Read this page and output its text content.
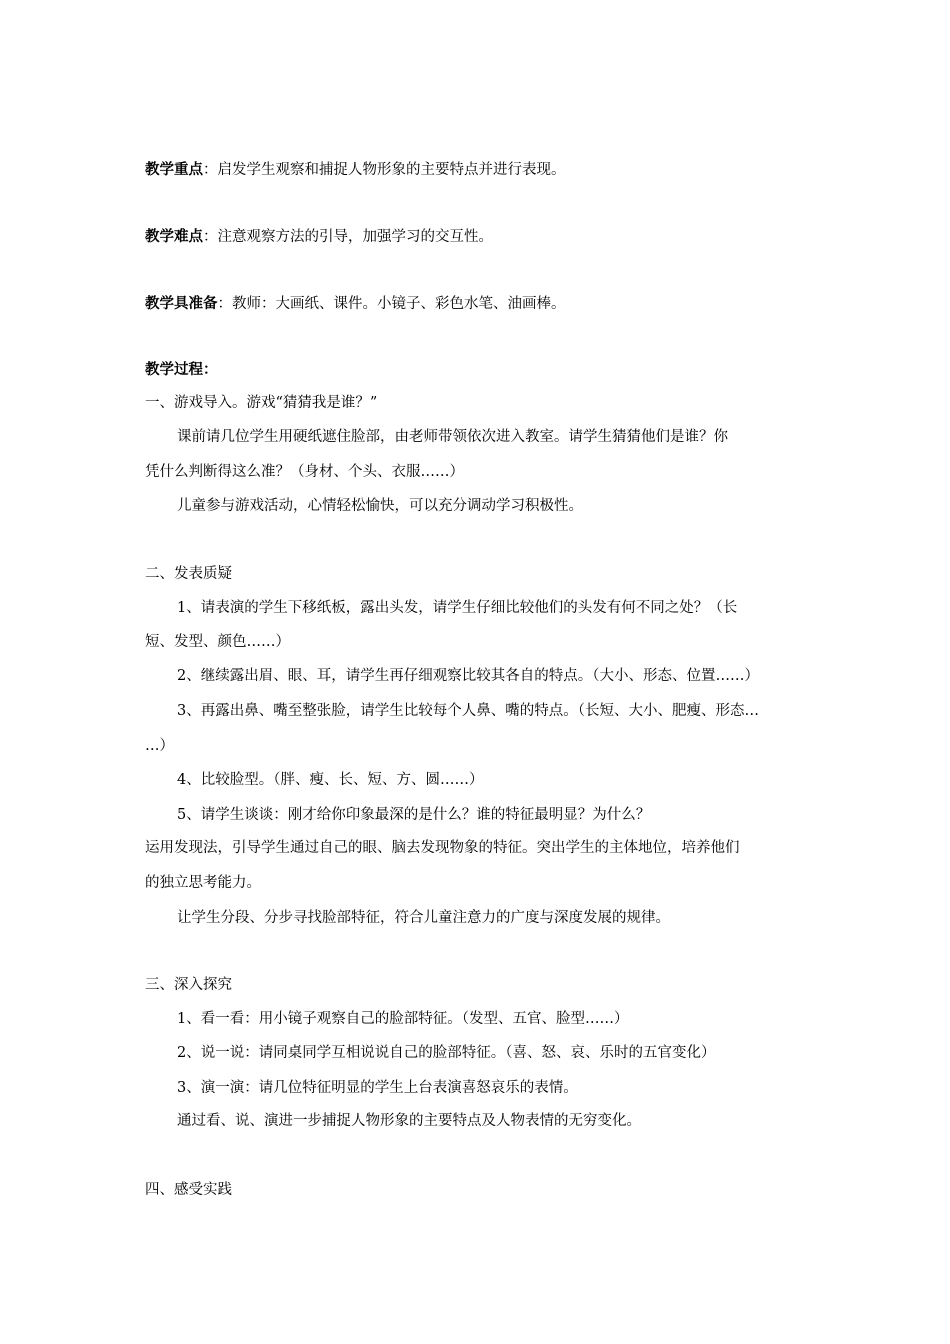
教学重点：启发学生观察和捕捉人物形象的主要特点并进行表现。
教学难点：注意观察方法的引导，加强学习的交互性。
教学具准备：教师：大画纸、课件。小镜子、彩色水笔、油画棒。
教学过程：
一、游戏导入。游戏“猜猜我是谁？”
课前请几位学生用硬纸遮住脸部，由老师带领依次进入教室。请学生猜猜他们是谁？你
凭什么判断得这么准？（身材、个头、衣服……）
儿童参与游戏活动，心情轻松愉快，可以充分调动学习积极性。
二、发表质疑
1、请表演的学生下移纸板，露出头发，请学生仔细比较他们的头发有何不同之处？（长
短、发型、颜色……）
2、继续露出眉、眼、耳，请学生再仔细观察比较其各自的特点。（大小、形态、位置……）
3、再露出鼻、嘴至整张脸，请学生比较每个人鼻、嘴的特点。（长短、大小、肥瘦、形态…
…）
4、比较脸型。（胖、瘦、长、短、方、圆……）
5、请学生谈谈：刚才给你印象最深的是什么？谁的特征最明显？为什么？
运用发现法，引导学生通过自己的眼、脑去发现物象的特征。突出学生的主体地位，培养他们
的独立思考能力。
让学生分段、分步寻找脸部特征，符合儿童注意力的广度与深度发展的规律。
三、深入探究
1、看一看：用小镜子观察自己的脸部特征。（发型、五官、脸型……）
2、说一说：请同桌同学互相说说自己的脸部特征。（喜、怒、哀、乐时的五官变化）
3、演一演：请几位特征明显的学生上台表演喜怒哀乐的表情。
通过看、说、演进一步捕捉人物形象的主要特点及人物表情的无穷变化。
四、感受实践
